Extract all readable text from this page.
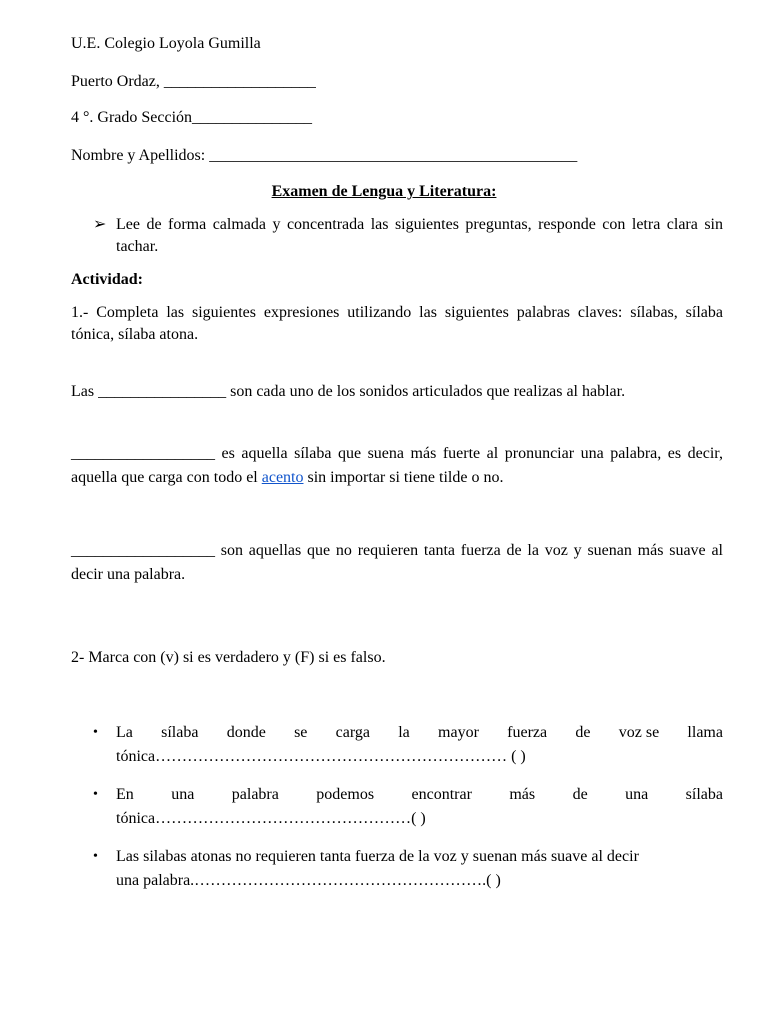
U.E. Colegio Loyola Gumilla
Puerto Ordaz, ___________________
4 °. Grado Sección_______________
Nombre y Apellidos: ______________________________________________
Examen de Lengua y Literatura:
➢ Lee de forma calmada y concentrada las siguientes preguntas, responde con letra clara sin tachar.
Actividad:
1.- Completa las siguientes expresiones utilizando las siguientes palabras claves: sílabas, sílaba tónica, sílaba atona.
Las ________________ son cada uno de los sonidos articulados que realizas al hablar.
__________________ es aquella sílaba que suena más fuerte al pronunciar una palabra, es decir, aquella que carga con todo el acento sin importar si tiene tilde o no.
__________________ son aquellas que no requieren tanta fuerza de la voz y suenan más suave al decir una palabra.
2- Marca con (v) si es verdadero y (F) si es falso.
• La sílaba donde se carga la mayor fuerza de voz se llama
tónica………………………………………………………… ( )
• En una palabra podemos encontrar más de una sílaba
tónica…………………………………………( )
• Las silabas atonas no requieren tanta fuerza de la voz y suenan más suave al decir
una palabra.……………………………………………….( )
